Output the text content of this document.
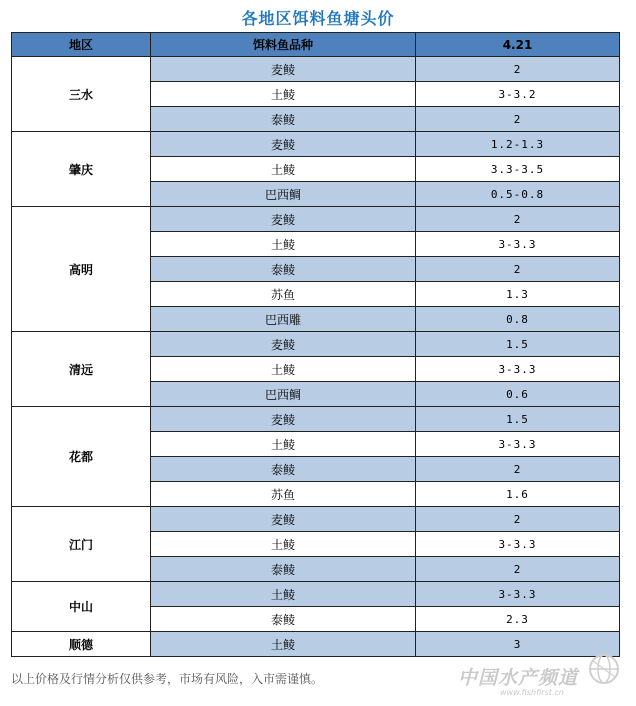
各地区饵料鱼塘头价
地区	饵料鱼品种	4.21
三水	麦鲮	2
	土鲮	3-3.2
	泰鲮	2
肇庆	麦鲮	1.2-1.3
	土鲮	3.3-3.5
	巴西鲷	0.5-0.8
高明	麦鲮	2
	土鲮	3-3.3
	泰鲮	2
	苏鱼	1.3
	巴西雕	0.8
清远	麦鲮	1.5
	土鲮	3-3.3
	巴西鲷	0.6
花都	麦鲮	1.5
	土鲮	3-3.3
	泰鲮	2
	苏鱼	1.6
江门	麦鲮	2
	土鲮	3-3.3
	泰鲮	2
中山	土鲮	3-3.3
	泰鲮	2.3
顺德	土鲮	3
以上价格及行情分析仅供参考，市场有风险，入市需谨慎。	中国水产频道
www.fishfirst.cn
